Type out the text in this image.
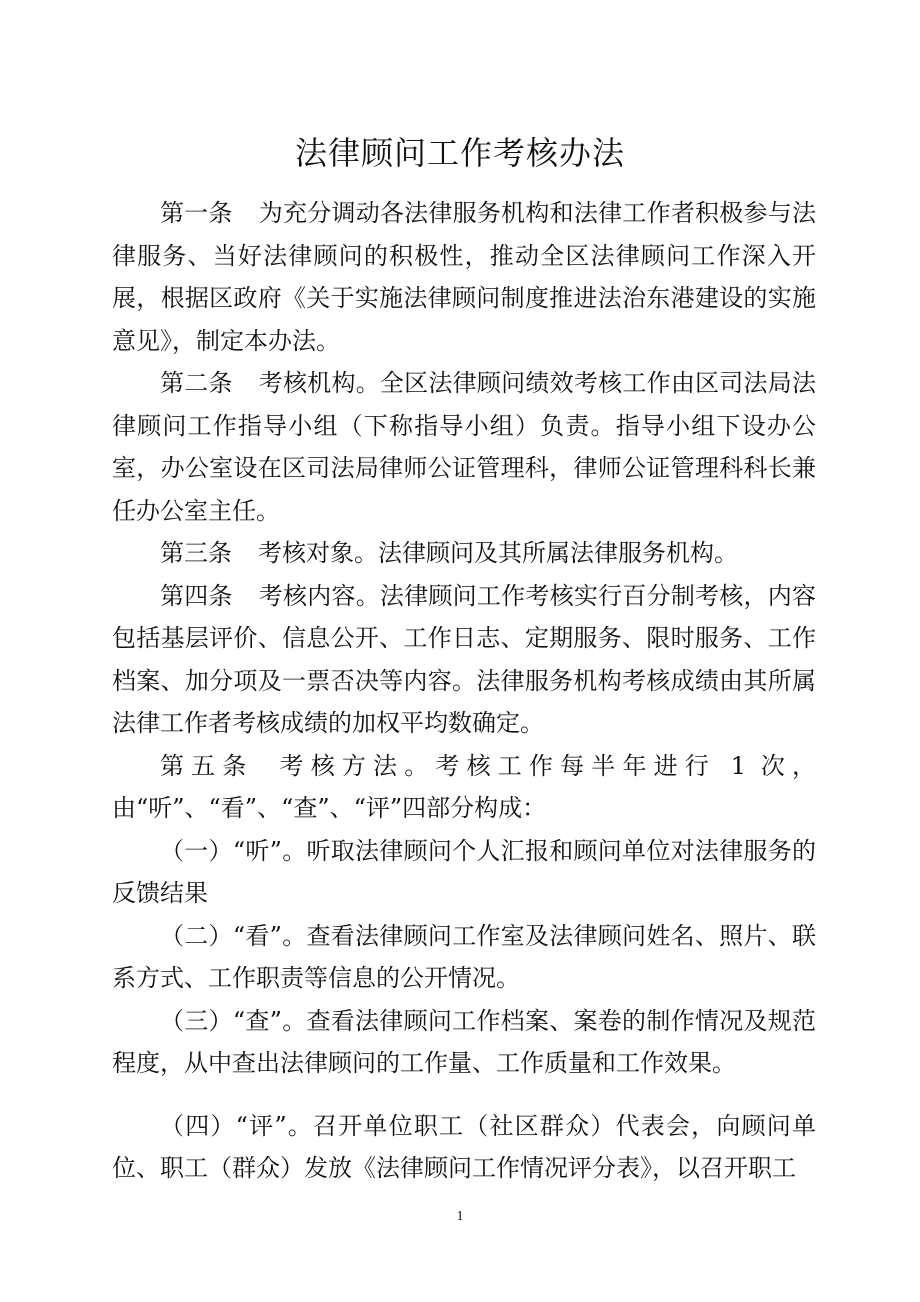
法律顾问工作考核办法

第一条 为充分调动各法律服务机构和法律工作者积极参与法律服务、当好法律顾问的积极性，推动全区法律顾问工作深入开展，根据区政府《关于实施法律顾问制度推进法治东港建设的实施意见》，制定本办法。

第二条 考核机构。全区法律顾问绩效考核工作由区司法局法律顾问工作指导小组（下称指导小组）负责。指导小组下设办公室，办公室设在区司法局律师公证管理科，律师公证管理科科长兼任办公室主任。

第三条 考核对象。法律顾问及其所属法律服务机构。

第四条 考核内容。法律顾问工作考核实行百分制考核，内容包括基层评价、信息公开、工作日志、定期服务、限时服务、工作档案、加分项及一票否决等内容。法律服务机构考核成绩由其所属法律工作者考核成绩的加权平均数确定。

第五条 考核方法。考核工作每半年进行 1 次，由“听”、“看”、“查”、“评”四部分构成：

（一）“听”。听取法律顾问个人汇报和顾问单位对法律服务的反馈结果

（二）“看”。查看法律顾问工作室及法律顾问姓名、照片、联系方式、工作职责等信息的公开情况。

（三）“查”。查看法律顾问工作档案、案卷的制作情况及规范程度，从中查出法律顾问的工作量、工作质量和工作效果。

（四）“评”。召开单位职工（社区群众）代表会，向顾问单位、职工（群众）发放《法律顾问工作情况评分表》，以召开职工

1
